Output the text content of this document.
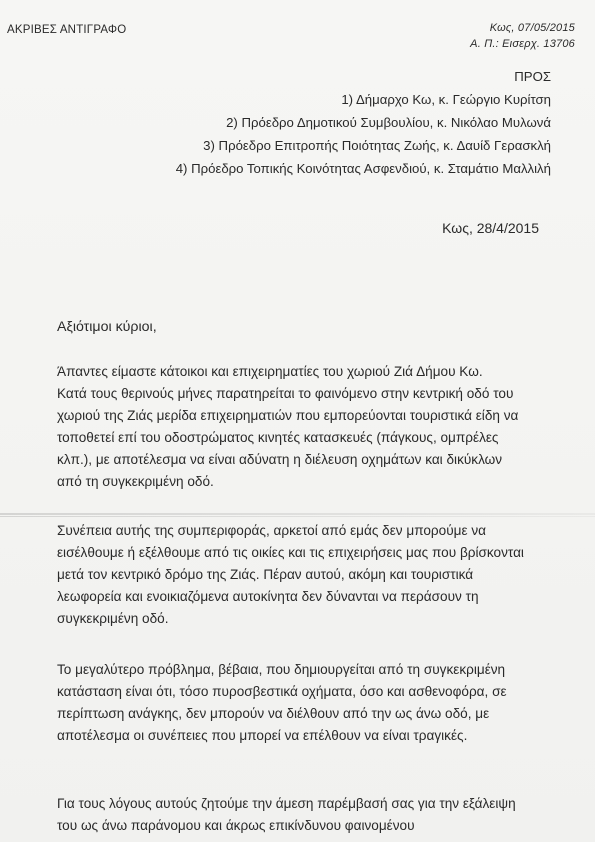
ΑΚΡΙΒΕΣ ΑΝΤΙΓΡΑΦΟ	Κως, 07/05/2015
Α. Π.: Εισερχ. 13706
ΠΡΟΣ
1) Δήμαρχο Κω, κ. Γεώργιο Κυρίτση
2) Πρόεδρο Δημοτικού Συμβουλίου, κ. Νικόλαο Μυλωνά
3) Πρόεδρο Επιτροπής Ποιότητας Ζωής, κ. Δαυίδ Γερασκλή
4) Πρόεδρο Τοπικής Κοινότητας Ασφενδιού, κ. Σταμάτιο Μαλλιλή
Κως, 28/4/2015
Αξιότιμοι κύριοι,
Άπαντες είμαστε κάτοικοι και επιχειρηματίες του χωριού Ζιά Δήμου Κω.
Κατά τους θερινούς μήνες παρατηρείται το φαινόμενο στην κεντρική οδό του
χωριού της Ζιάς μερίδα επιχειρηματιών που εμπορεύονται τουριστικά είδη να
τοποθετεί επί του οδοστρώματος κινητές κατασκευές (πάγκους, ομπρέλες
κλπ.), με αποτέλεσμα να είναι αδύνατη η διέλευση οχημάτων και δικύκλων
από τη συγκεκριμένη οδό.
Συνέπεια αυτής της συμπεριφοράς, αρκετοί από εμάς δεν μπορούμε να
εισέλθουμε ή εξέλθουμε από τις οικίες και τις επιχειρήσεις μας που βρίσκονται
μετά τον κεντρικό δρόμο της Ζιάς. Πέραν αυτού, ακόμη και τουριστικά
λεωφορεία και ενοικιαζόμενα αυτοκίνητα δεν δύνανται να περάσουν τη
συγκεκριμένη οδό.
Το μεγαλύτερο πρόβλημα, βέβαια, που δημιουργείται από τη συγκεκριμένη
κατάσταση είναι ότι, τόσο πυροσβεστικά οχήματα, όσο και ασθενοφόρα, σε
περίπτωση ανάγκης, δεν μπορούν να διέλθουν από την ως άνω οδό, με
αποτέλεσμα οι συνέπειες που μπορεί να επέλθουν να είναι τραγικές.
Για τους λόγους αυτούς ζητούμε την άμεση παρέμβασή σας για την εξάλειψη
του ως άνω παράνομου και άκρως επικίνδυνου φαινομένου
